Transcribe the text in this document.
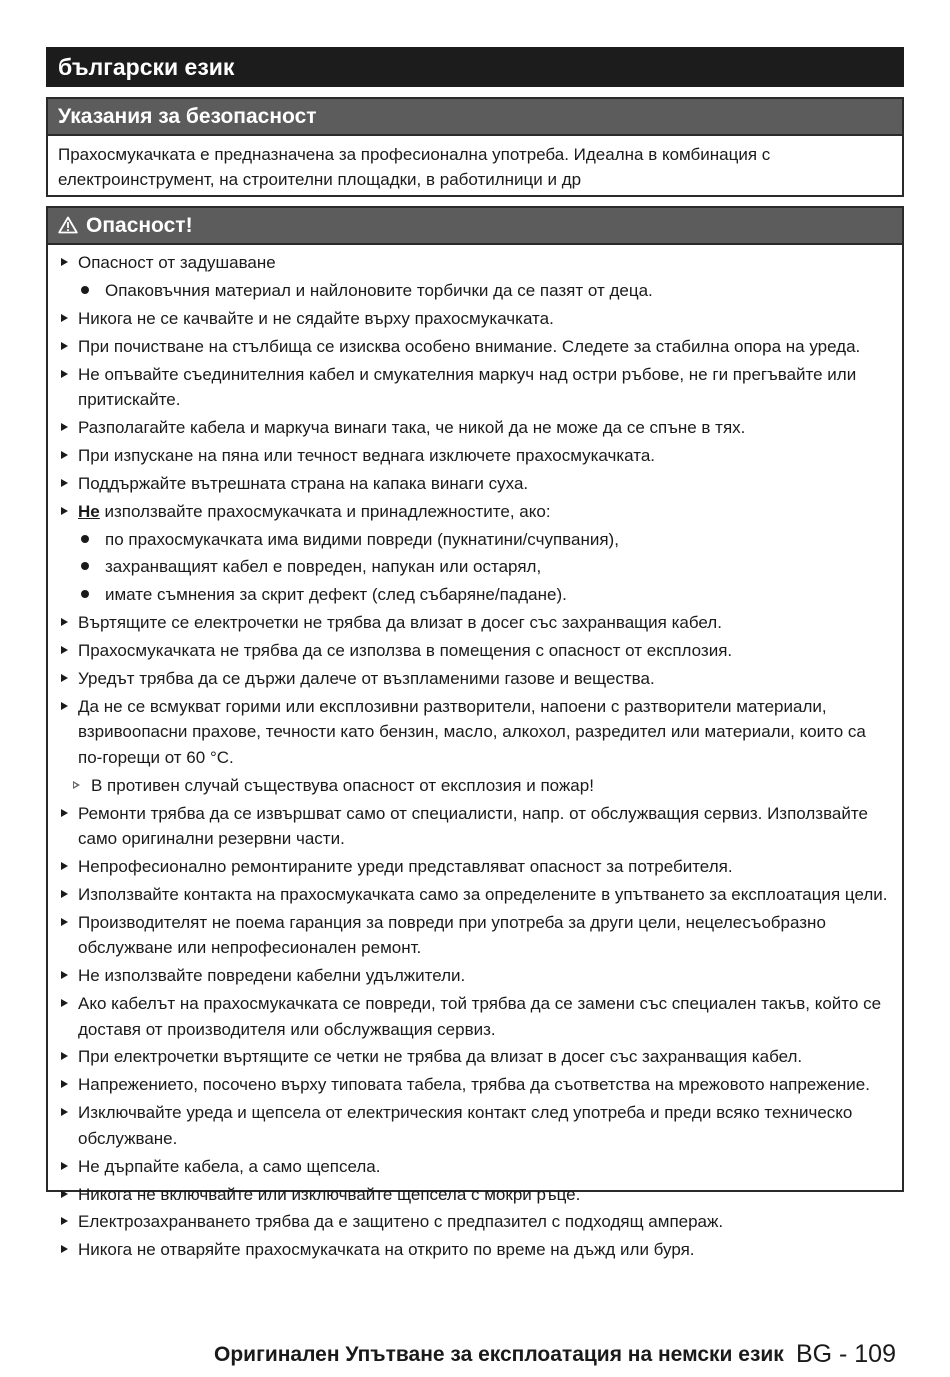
български език
Указания за безопасност
Прахосмукачката е предназначена за професионална употреба. Идеална в комбинация с електроинструмент, на строителни площадки, в работилници и др
Опасност!
Опасност от задушаване
Опаковъчния материал и найлоновите торбички да се пазят от деца.
Никога не се качвайте и не сядайте върху прахосмукачката.
При почистване на стълбища се изисква особено внимание. Следете за стабилна опора на уреда.
Не опъвайте съединителния кабел и смукателния маркуч над остри ръбове, не ги прегъвайте или притискайте.
Разполагайте кабела и маркуча винаги така, че никой да не може да се спъне в тях.
При изпускане на пяна или течност веднага изключете прахосмукачката.
Поддържайте вътрешната страна на капака винаги суха.
Не използвайте прахосмукачката и принадлежностите, ако:
по прахосмукачката има видими повреди (пукнатини/счупвания),
захранващият кабел е повреден, напукан или остарял,
имате съмнения за скрит дефект (след събаряне/падане).
Въртящите се електрочетки не трябва да влизат в досег със захранващия кабел.
Прахосмукачката не трябва да се използва в помещения с опасност от експлозия.
Уредът трябва да се държи далече от възпламеними газове и вещества.
Да не се всмукват горими или експлозивни разтворители, напоени с разтворители материали, взривоопасни прахове, течности като бензин, масло, алкохол, разредител или материали, които са по-горещи от 60 °C.
В противен случай съществува опасност от експлозия и пожар!
Ремонти трябва да се извършват само от специалисти, напр. от обслужващия сервиз. Използвайте само оригинални резервни части.
Непрофесионално ремонтираните уреди представляват опасност за потребителя.
Използвайте контакта на прахосмукачката само за определените в упътването за експлоатация цели.
Производителят не поема гаранция за повреди при употреба за други цели, нецелесъобразно обслужване или непрофесионален ремонт.
Не използвайте повредени кабелни удължители.
Ако кабелът на прахосмукачката се повреди, той трябва да се замени със специален такъв, който се доставя от производителя или обслужващия сервиз.
При електрочетки въртящите се четки не трябва да влизат в досег със захранващия кабел.
Напрежението, посочено върху типовата табела, трябва да съответства на мрежовото напрежение.
Изключвайте уреда и щепсела от електрическия контакт след употреба и преди всяко техническо обслужване.
Не дърпайте кабела, а само щепсела.
Никога не включвайте или изключвайте щепсела с мокри ръце.
Електрозахранването трябва да е защитено с предпазител с подходящ ампераж.
Никога не отваряйте прахосмукачката на открито по време на дъжд или буря.
Оригинален Упътване за експлоатация на немски език BG - 109
